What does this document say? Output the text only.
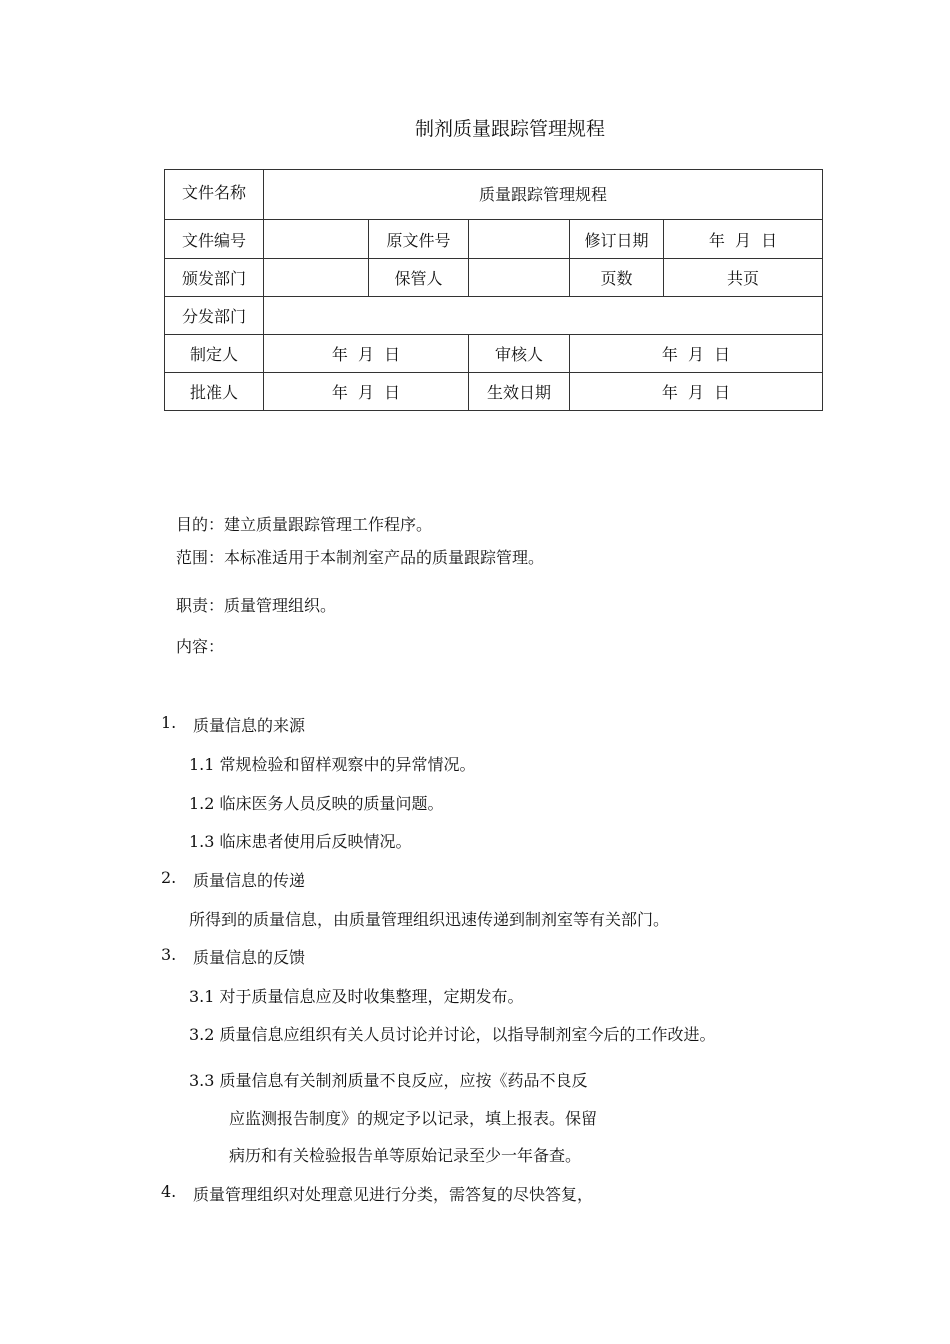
制剂质量跟踪管理规程
文件名称	质量跟踪管理规程				
文件编号		原文件号		修订日期	年  月  日
颁发部门		保管人		页数	共页
分发部门					
制定人	年  月  日		审核人	年  月  日	
批准人	年  月  日		生效日期	年  月  日	
目的：建立质量跟踪管理工作程序。
范围：本标准适用于本制剂室产品的质量跟踪管理。
职责：质量管理组织。
内容：
1. 质量信息的来源
1.1 常规检验和留样观察中的异常情况。
1.2 临床医务人员反映的质量问题。
1.3 临床患者使用后反映情况。
2. 质量信息的传递
所得到的质量信息，由质量管理组织迅速传递到制剂室等有关部门。
3. 质量信息的反馈
3.1 对于质量信息应及时收集整理，定期发布。
3.2 质量信息应组织有关人员讨论并讨论，以指导制剂室今后的工作改进。
3.3 质量信息有关制剂质量不良反应，应按《药品不良反
应监测报告制度》的规定予以记录，填上报表。保留
病历和有关检验报告单等原始记录至少一年备查。
4. 质量管理组织对处理意见进行分类，需答复的尽快答复，
